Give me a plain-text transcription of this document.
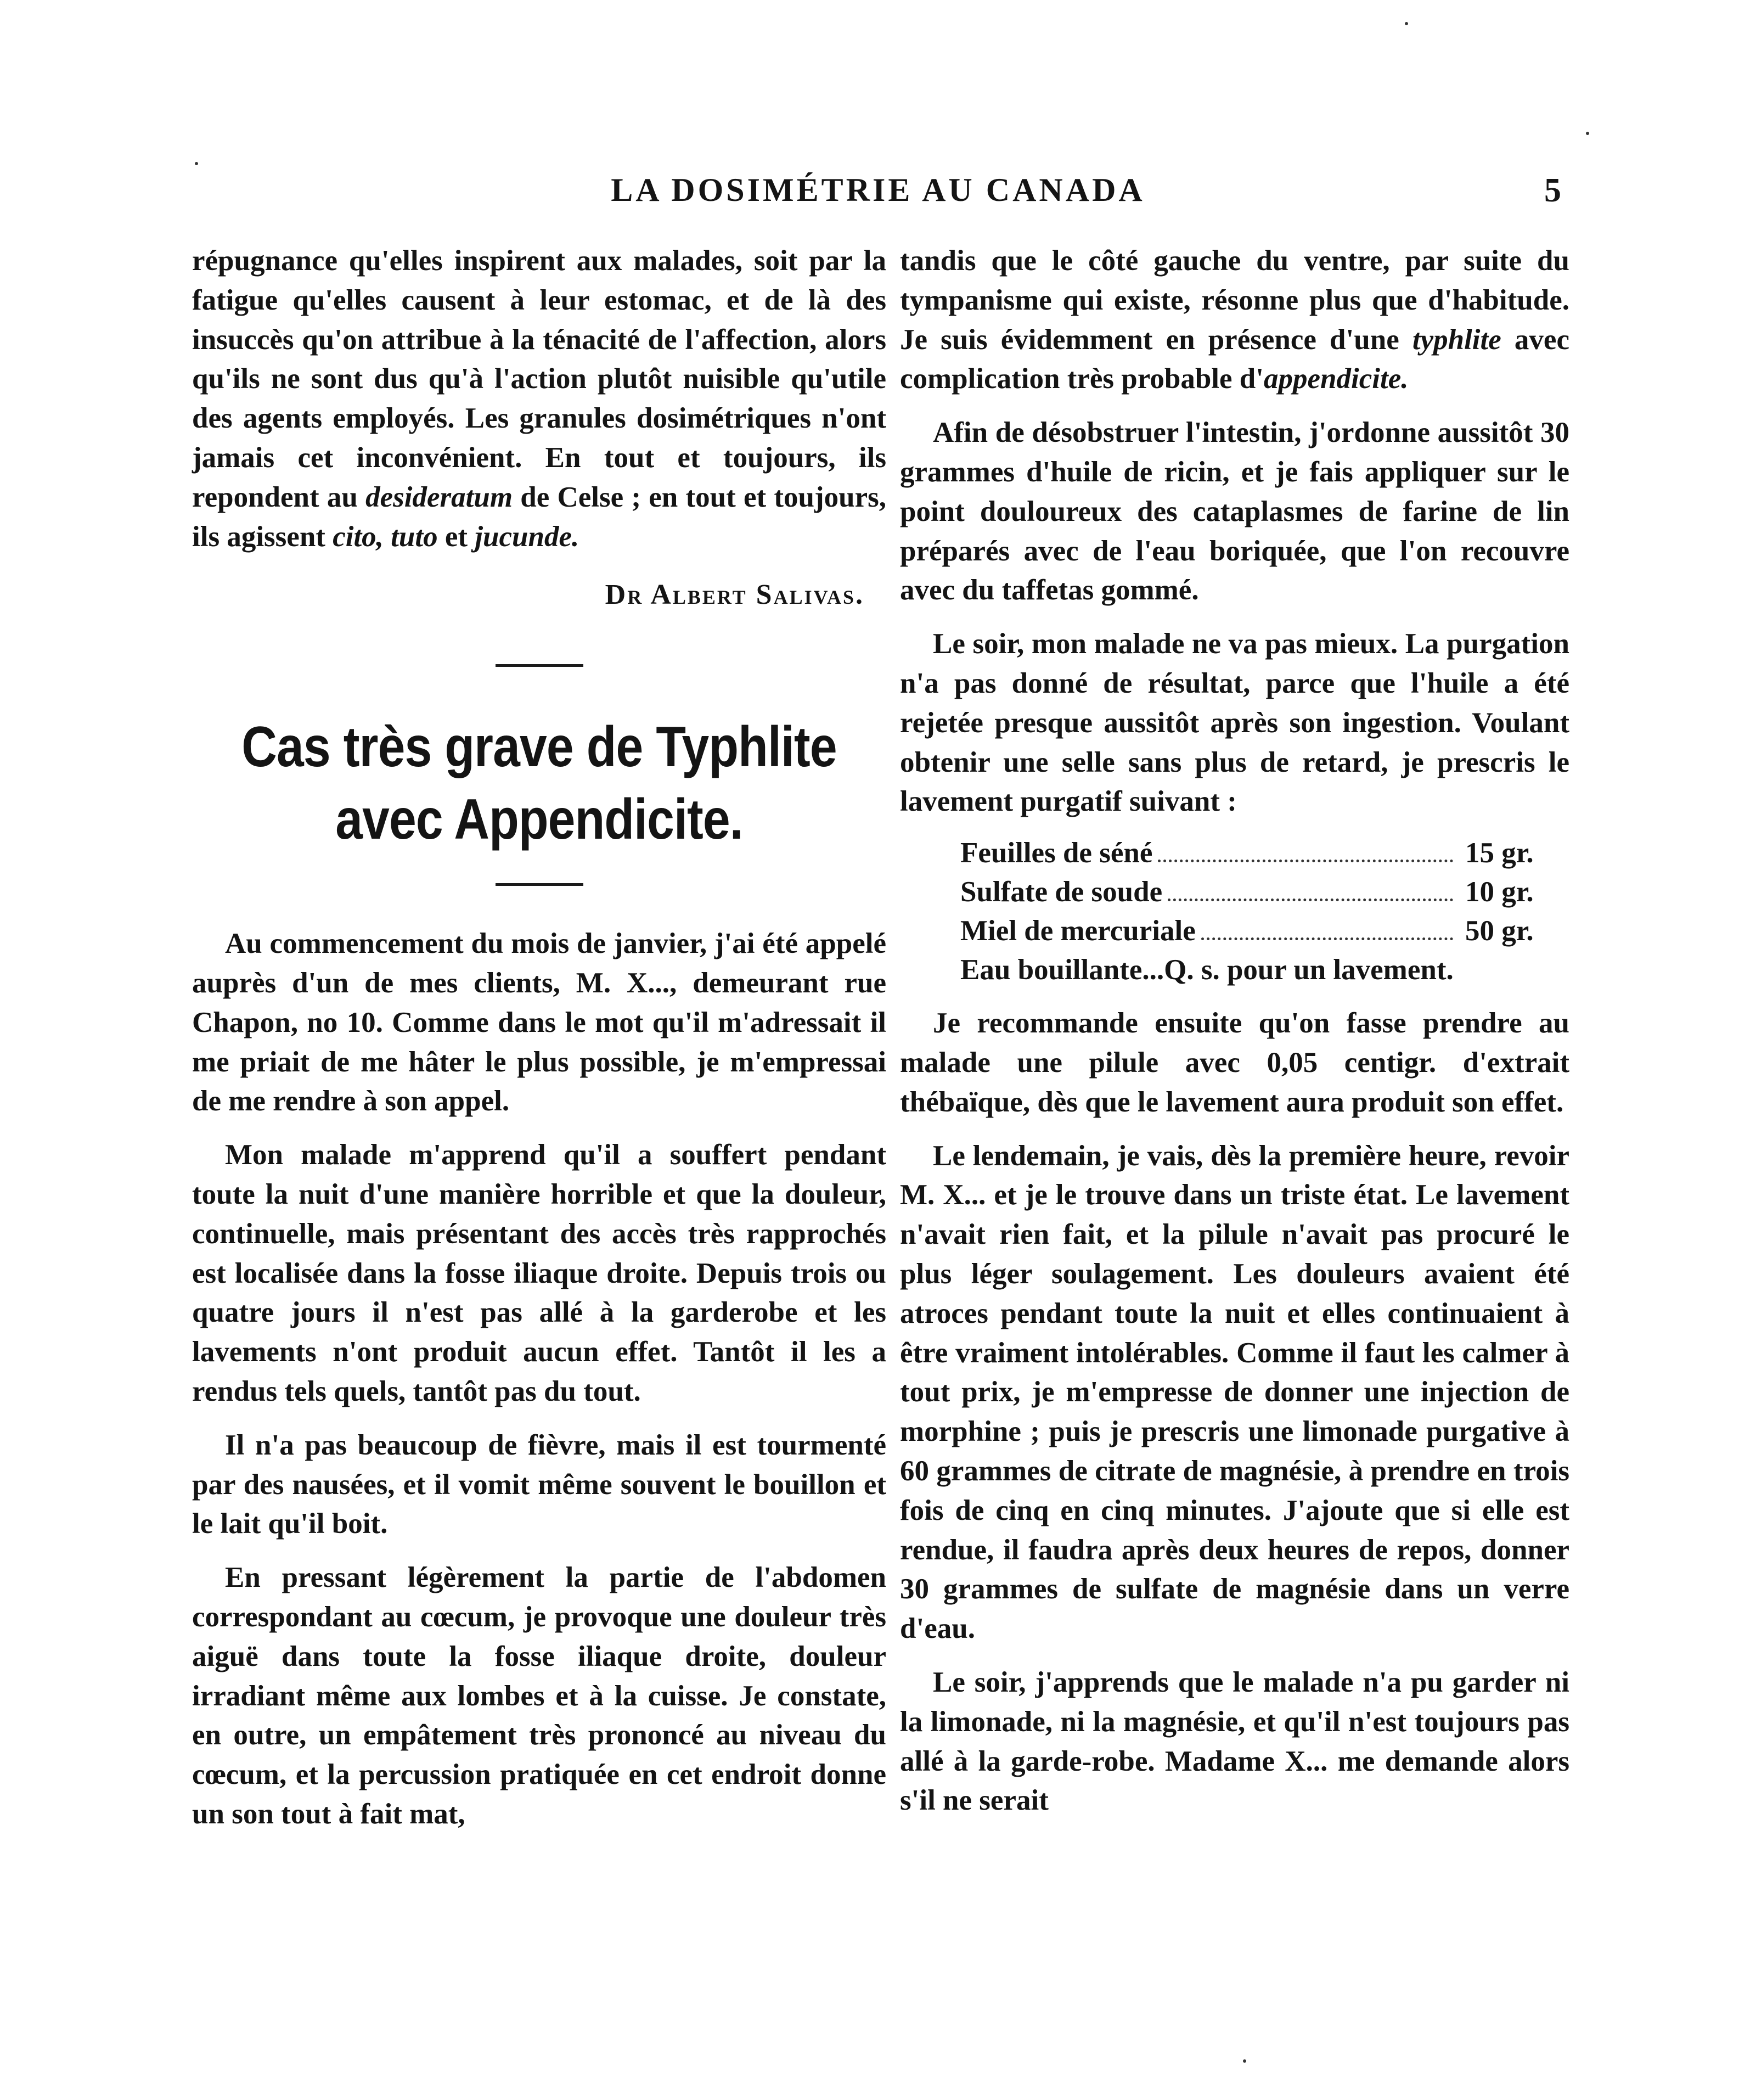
LA DOSIMÉTRIE AU CANADA	5

répugnance qu'elles inspirent aux malades, soit par la fatigue qu'elles causent à leur estomac, et de là des insuccès qu'on attribue à la ténacité de l'affection, alors qu'ils ne sont dus qu'à l'action plutôt nuisible qu'utile des agents employés. Les granules dosimétriques n'ont jamais cet inconvénient. En tout et toujours, ils repondent au desideratum de Celse ; en tout et toujours, ils agissent cito, tuto et jucunde.

Dr Albert Salivas.
Cas très grave de Typhlite
avec Appendicite.

Au commencement du mois de janvier, j'ai été appelé auprès d'un de mes clients, M. X..., demeurant rue Chapon, no 10. Comme dans le mot qu'il m'adressait il me priait de me hâter le plus possible, je m'empressai de me rendre à son appel.

Mon malade m'apprend qu'il a souffert pendant toute la nuit d'une manière horrible et que la douleur, continuelle, mais présentant des accès très rapprochés est localisée dans la fosse iliaque droite. Depuis trois ou quatre jours il n'est pas allé à la garderobe et les lavements n'ont produit aucun effet. Tantôt il les a rendus tels quels, tantôt pas du tout.

Il n'a pas beaucoup de fièvre, mais il est tourmenté par des nausées, et il vomit même souvent le bouillon et le lait qu'il boit.

En pressant légèrement la partie de l'abdomen correspondant au cœcum, je provoque une douleur très aiguë dans toute la fosse iliaque droite, douleur irradiant même aux lombes et à la cuisse. Je constate, en outre, un empâtement très prononcé au niveau du cœcum, et la percussion pratiquée en cet endroit donne un son tout à fait mat,

tandis que le côté gauche du ventre, par suite du tympanisme qui existe, résonne plus que d'habitude. Je suis évidemment en présence d'une typhlite avec complication très probable d'appendicite.

Afin de désobstruer l'intestin, j'ordonne aussitôt 30 grammes d'huile de ricin, et je fais appliquer sur le point douloureux des cataplasmes de farine de lin préparés avec de l'eau boriquée, que l'on recouvre avec du taffetas gommé.

Le soir, mon malade ne va pas mieux. La purgation n'a pas donné de résultat, parce que l'huile a été rejetée presque aussitôt après son ingestion. Voulant obtenir une selle sans plus de retard, je prescris le lavement purgatif suivant :

Feuilles de séné	15 gr.
Sulfate de soude	10 gr.
Miel de mercuriale	50 gr.
Eau bouillante...Q. s. pour un lavement.

Je recommande ensuite qu'on fasse prendre au malade une pilule avec 0,05 centigr. d'extrait thébaïque, dès que le lavement aura produit son effet.

Le lendemain, je vais, dès la première heure, revoir M. X... et je le trouve dans un triste état. Le lavement n'avait rien fait, et la pilule n'avait pas procuré le plus léger soulagement. Les douleurs avaient été atroces pendant toute la nuit et elles continuaient à être vraiment intolérables. Comme il faut les calmer à tout prix, je m'empresse de donner une injection de morphine ; puis je prescris une limonade purgative à 60 grammes de citrate de magnésie, à prendre en trois fois de cinq en cinq minutes. J'ajoute que si elle est rendue, il faudra après deux heures de repos, donner 30 grammes de sulfate de magnésie dans un verre d'eau.

Le soir, j'apprends que le malade n'a pu garder ni la limonade, ni la magnésie, et qu'il n'est toujours pas allé à la garde-robe. Madame X... me demande alors s'il ne serait
